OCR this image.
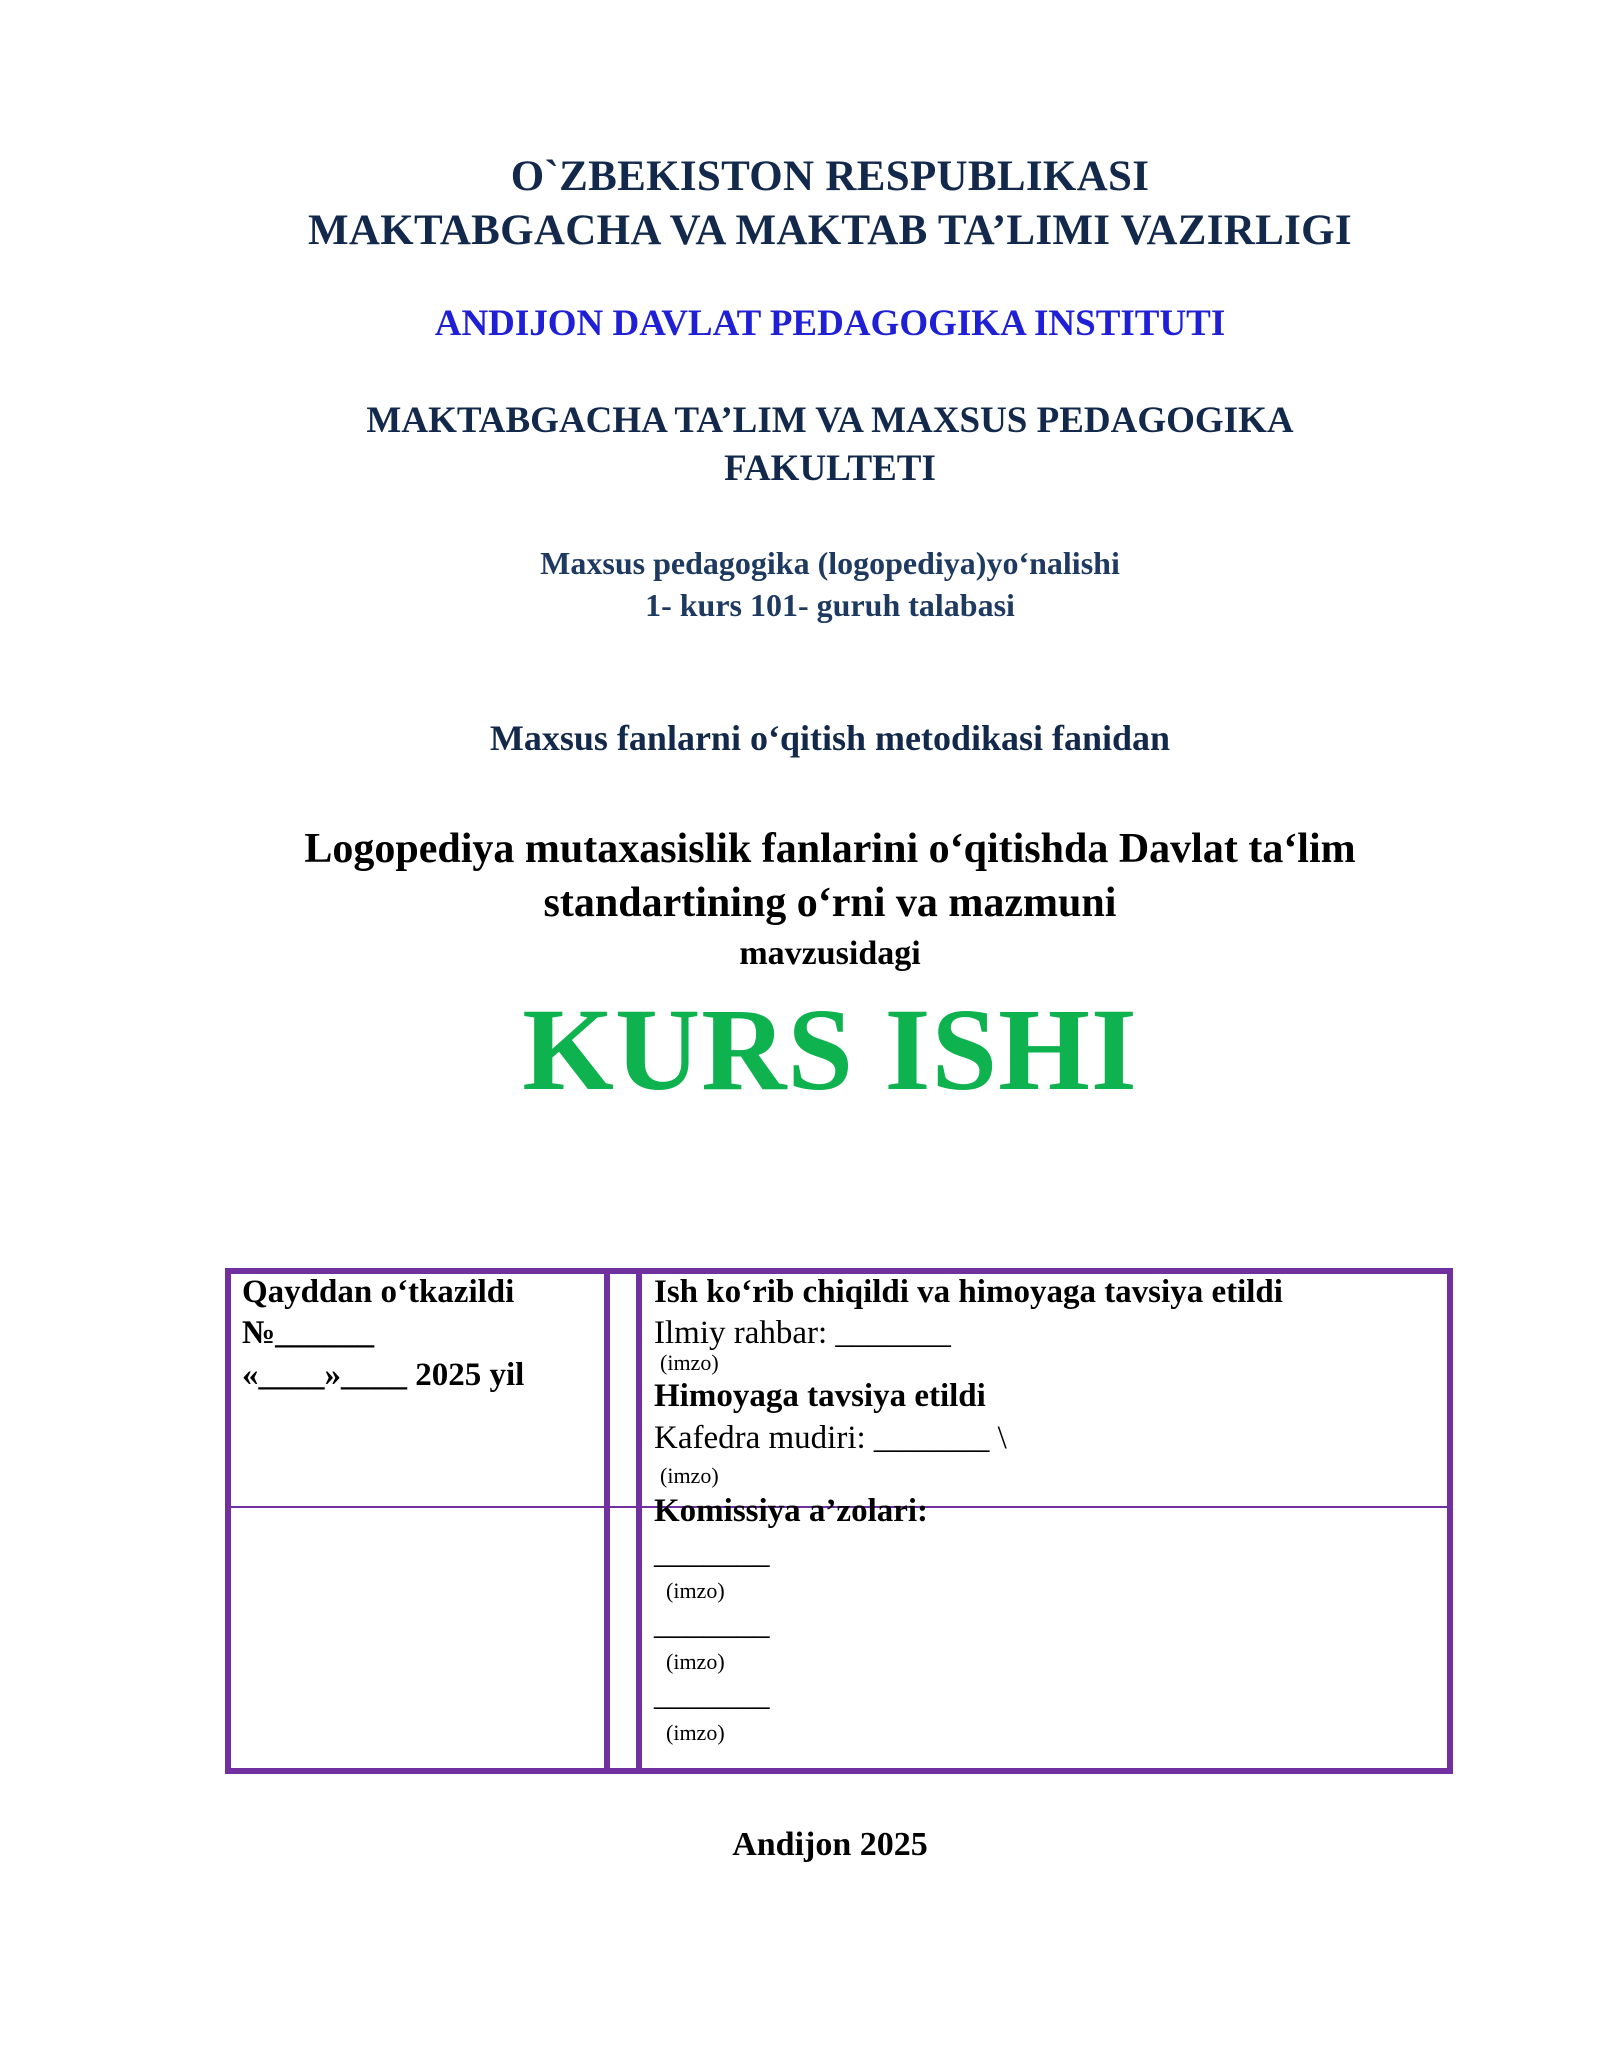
O`ZBEKISTON RESPUBLIKASI
MAKTABGACHA VA MAKTAB TA’LIMI VAZIRLIGI
ANDIJON DAVLAT PEDAGOGIKA INSTITUTI
MAKTABGACHA TA’LIM VA MAXSUS PEDAGOGIKA
FAKULTETI
Maxsus pedagogika (logopediya)yo‘nalishi
1- kurs 101- guruh talabasi
Maxsus fanlarni o‘qitish metodikasi fanidan
Logopediya mutaxasislik fanlarini o‘qitishda Davlat ta‘lim
standartining o‘rni va mazmuni
mavzusidagi
KURS ISHI
Qayddan o‘tkazildi
№______
«____»____ 2025 yil
Ish ko‘rib chiqildi va himoyaga tavsiya etildi
Ilmiy rahbar: _______
(imzo)
Himoyaga tavsiya etildi
Kafedra mudiri: _______ \
(imzo)
Komissiya a’zolari:
_______
(imzo)
_______
(imzo)
_______
(imzo)
Andijon 2025
